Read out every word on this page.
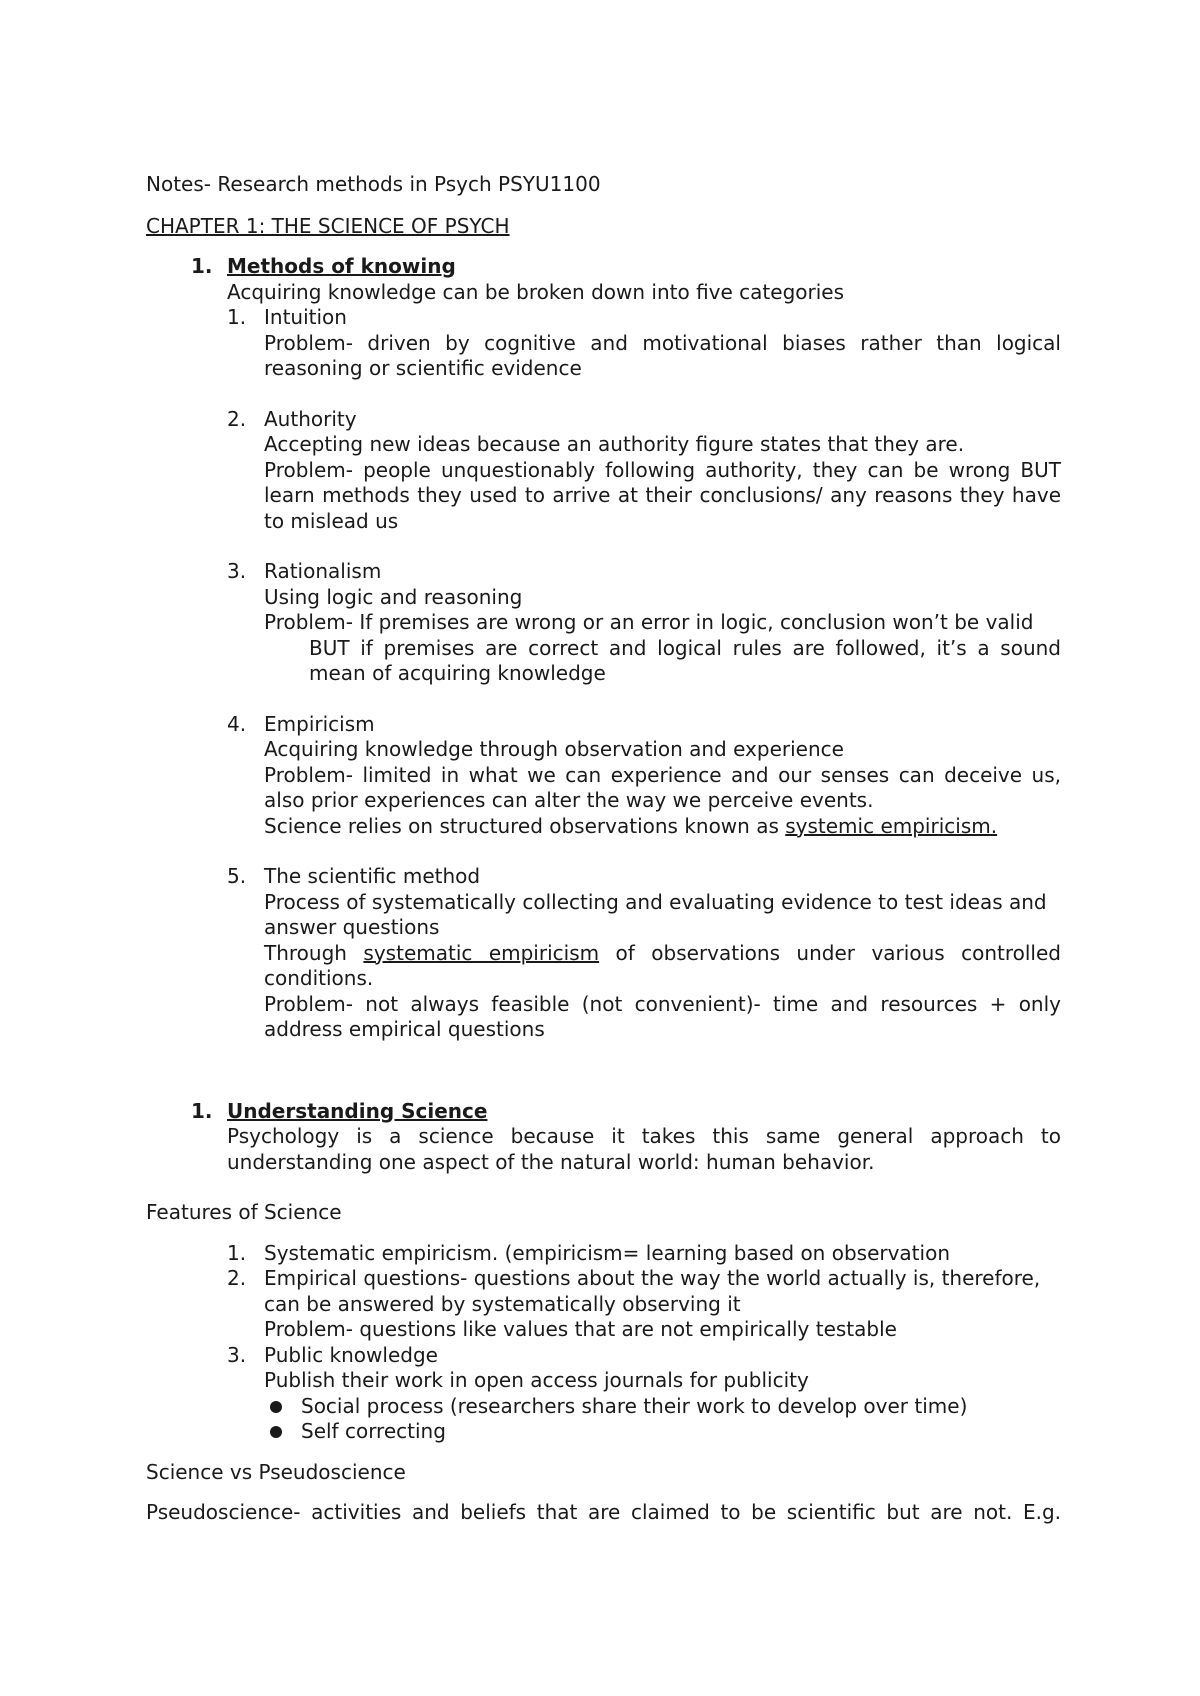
Notes- Research methods in Psych PSYU1100

CHAPTER 1: THE SCIENCE OF PSYCH

1. Methods of knowing

Acquiring knowledge can be broken down into five categories

1. Intuition

Problem- driven by cognitive and motivational biases rather than logical reasoning or scientific evidence

2. Authority

Accepting new ideas because an authority figure states that they are.

Problem- people unquestionably following authority, they can be wrong BUT learn methods they used to arrive at their conclusions/ any reasons they have to mislead us

3. Rationalism

Using logic and reasoning

Problem- If premises are wrong or an error in logic, conclusion won’t be valid

BUT if premises are correct and logical rules are followed, it’s a sound mean of acquiring knowledge

4. Empiricism

Acquiring knowledge through observation and experience

Problem- limited in what we can experience and our senses can deceive us, also prior experiences can alter the way we perceive events.

Science relies on structured observations known as systemic empiricism.

5. The scientific method

Process of systematically collecting and evaluating evidence to test ideas and answer questions

Through systematic empiricism of observations under various controlled conditions.

Problem- not always feasible (not convenient)- time and resources + only address empirical questions

1. Understanding Science

Psychology is a science because it takes this same general approach to understanding one aspect of the natural world: human behavior.

Features of Science

1. Systematic empiricism. (empiricism= learning based on observation

2. Empirical questions- questions about the way the world actually is, therefore, can be answered by systematically observing it

Problem- questions like values that are not empirically testable

3. Public knowledge

Publish their work in open access journals for publicity

Social process (researchers share their work to develop over time)

Self correcting

Science vs Pseudoscience

Pseudoscience- activities and beliefs that are claimed to be scientific but are not. E.g.
